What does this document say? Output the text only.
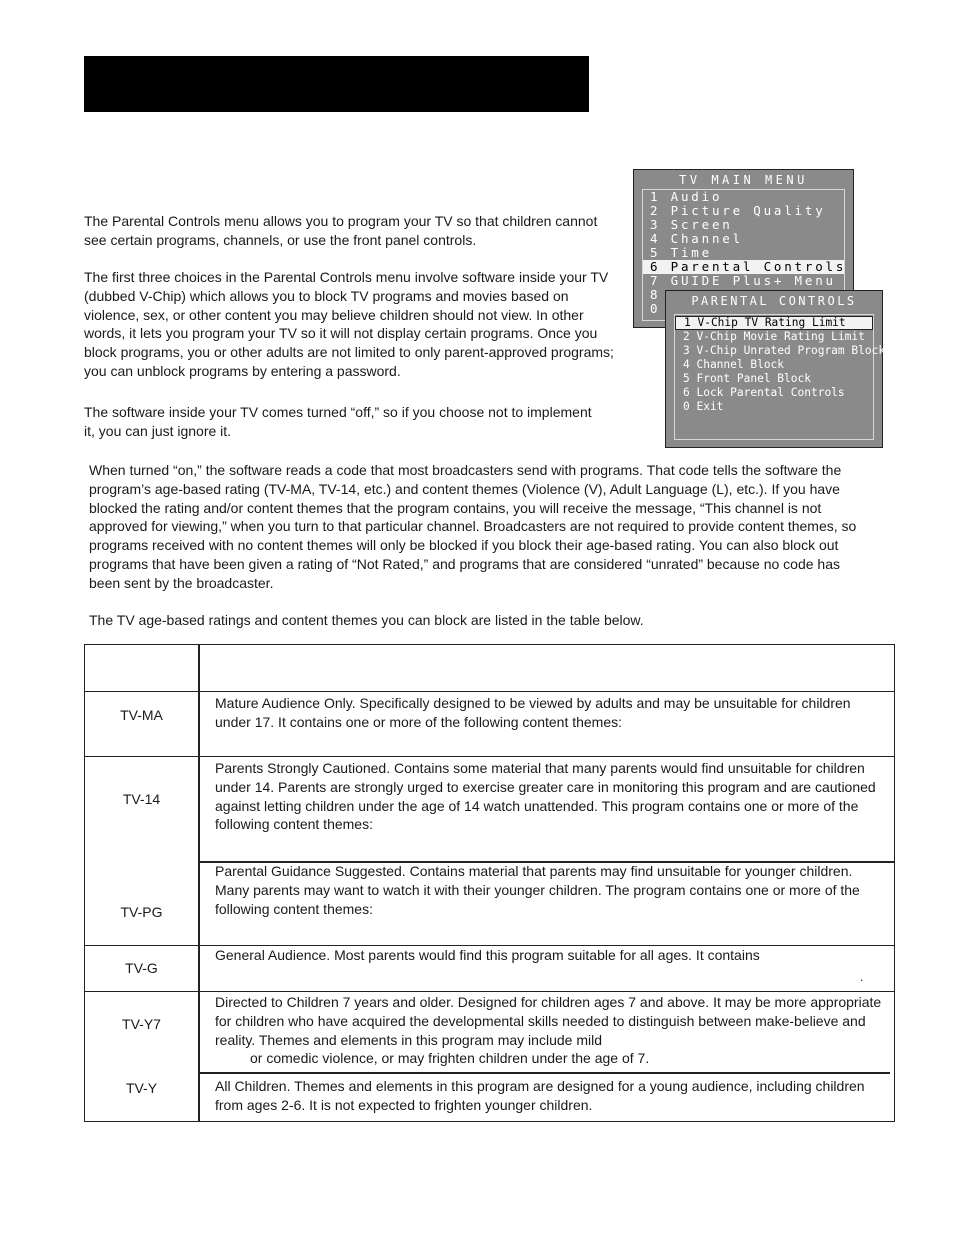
The Parental Controls menu allows you to program your TV so that children cannot see certain programs, channels, or use the front panel controls.

The first three choices in the Parental Controls menu involve software inside your TV (dubbed V-Chip) which allows you to block TV programs and movies based on violence, sex, or other content you may believe children should not view. In other words, it lets you program your TV so it will not display certain programs. Once you block programs, you or other adults are not limited to only parent-approved programs; you can unblock programs by entering a password.

The software inside your TV comes turned “off,” so if you choose not to implement it, you can just ignore it.

TV MAIN MENU
1 Audio
2 Picture Quality
3 Screen
4 Channel
5 Time
6 Parental Controls
7 GUIDE Plus+ Menu
8
0	PARENTAL CONTROLS
1 V-Chip TV Rating Limit
2 V-Chip Movie Rating Limit
3 V-Chip Unrated Program Block
4 Channel Block
5 Front Panel Block
6 Lock Parental Controls
0 Exit

When turned “on,” the software reads a code that most broadcasters send with programs. That code tells the software the program’s age-based rating (TV-MA, TV-14, etc.) and content themes (Violence (V), Adult Language (L), etc.). If you have blocked the rating and/or content themes that the program contains, you will receive the message, “This channel is not approved for viewing,” when you turn to that particular channel. Broadcasters are not required to provide content themes, so programs received with no content themes will only be blocked if you block their age-based rating. You can also block out programs that have been given a rating of “Not Rated,” and programs that are considered “unrated” because no code has been sent by the broadcaster.

The TV age-based ratings and content themes you can block are listed in the table below.

TV-MA

Mature Audience Only. Specifically designed to be viewed by adults and may be unsuitable for children under 17. It contains one or more of the following content themes:

TV-14

Parents Strongly Cautioned. Contains some material that many parents would find unsuitable for children under 14. Parents are strongly urged to exercise greater care in monitoring this program and are cautioned against letting children under the age of 14 watch unattended. This program contains one or more of the following content themes:

TV-PG

Parental Guidance Suggested. Contains material that parents may find unsuitable for younger children. Many parents may want to watch it with their younger children. The program contains one or more of the following content themes:

TV-G

General Audience. Most parents would find this program suitable for all ages. It contains

.
TV-Y7

Directed to Children 7 years and older. Designed for children ages 7 and above. It may be more appropriate for children who have acquired the developmental skills needed to distinguish between make-believe and reality. Themes and elements in this program may include mild

or comedic violence, or may frighten children under the age of 7.

TV-Y	All Children. Themes and elements in this program are designed for a young audience, including children from ages 2-6. It is not expected to frighten younger children.
